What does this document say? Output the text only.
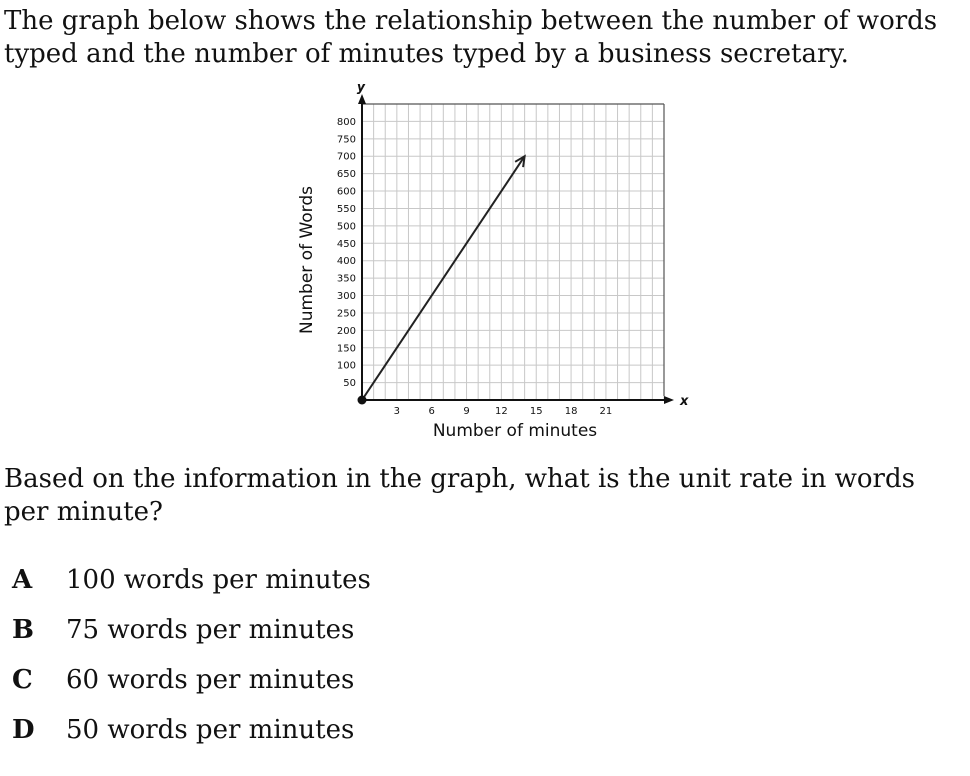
The graph below shows the relationship between the number of words typed and the number of minutes typed by a business secretary.

3	6	9	12 15 18 21
50
100
150
200
250
300
350
400
450
500
550
600
650
700
750
800
Number of minutes
Number of Words
x
y

Based on the information in the graph, what is the unit rate in words per minute?

A	100 words per minutes
B	75 words per minutes
C	60 words per minutes
D	50 words per minutes
